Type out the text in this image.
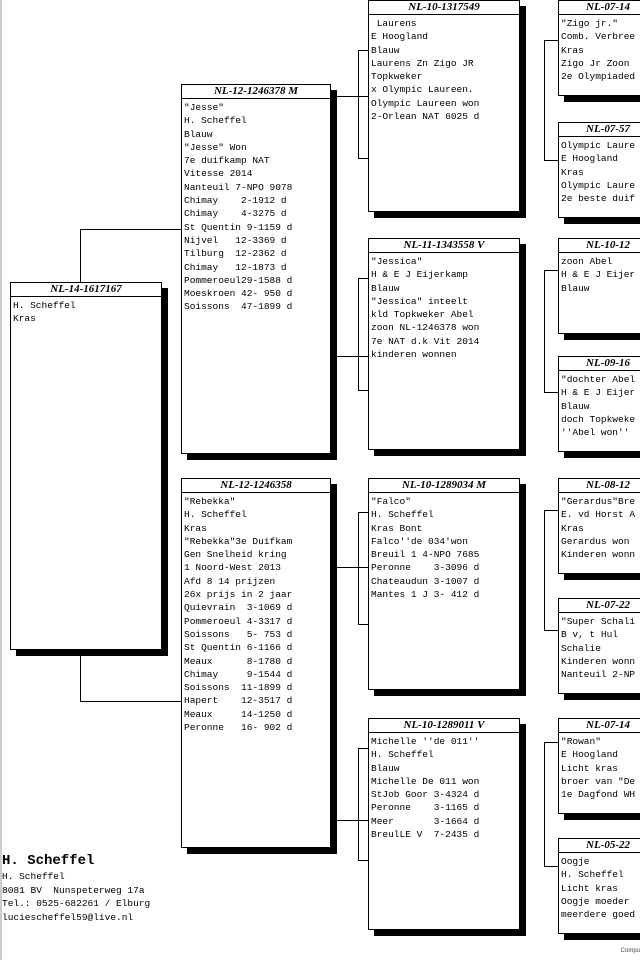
NL-14-1617167
H. Scheffel
Kras
NL-12-1246378 M
"Jesse"
H. Scheffel
Blauw
"Jesse" Won
7e duifkamp NAT
Vitesse 2014
Nanteuil 7-NPO 9078
Chimay    2-1912 d
Chimay    4-3275 d
St Quentin 9-1159 d
Nijvel   12-3369 d
Tilburg  12-2362 d
Chimay   12-1873 d
Pommeroeul29-1588 d
Moeskroen 42- 950 d
Soissons  47-1899 d
NL-12-1246358
"Rebekka"
H. Scheffel
Kras
"Rebekka"3e Duifkam
Gen Snelheid kring
1 Noord-West 2013
Afd 8 14 prijzen
26x prijs in 2 jaar
Quievrain  3-1069 d
Pommeroeul 4-3317 d
Soissons   5- 753 d
St Quentin 6-1166 d
Meaux      8-1780 d
Chimay     9-1544 d
Soissons  11-1899 d
Hapert    12-3517 d
Meaux     14-1250 d
Peronne   16- 902 d
NL-10-1317549
Laurens
E Hoogland
Blauw
Laurens Zn Zigo JR
Topkweker
x Olympic Laureen.
Olympic Laureen won
2-Orlean NAT 6025 d
NL-11-1343558 V
"Jessica"
H & E J Eijerkamp
Blauw
"Jessica" inteelt
kld Topkweker Abel
zoon NL-1246378 won
7e NAT d.k Vit 2014
kinderen wonnen
NL-10-1289034 M
"Falco"
H. Scheffel
Kras Bont
Falco''de 034'won
Breuil 1 4-NPO 7685
Peronne    3-3096 d
Chateaudun 3-1007 d
Mantes 1 J 3- 412 d
NL-10-1289011 V
Michelle ''de 011''
H. Scheffel
Blauw
Michelle De 011 won
StJob Goor 3-4324 d
Peronne    3-1165 d
Meer       3-1664 d
BreulLE V  7-2435 d
NL-07-14
"Zigo jr."
Comb. Verbree
Kras
Zigo Jr Zoon
2e Olympiaded
NL-07-57
Olympic Laure
E Hoogland
Kras
Olympic Laure
2e beste duif
NL-10-12
zoon Abel
H & E J Eijer
Blauw
NL-09-16
"dochter Abel
H & E J Eijer
Blauw
doch Topkweke
''Abel won''
NL-08-12
"Gerardus"Bre
E. vd Horst A
Kras
Gerardus won
Kinderen wonn
NL-07-22
"Super Schali
B v, t Hul
Schalie
Kinderen wonn
Nanteuil 2-NP
NL-07-14
"Rowan"
E Hoogland
Licht kras
broer van "De
1e Dagfond WH
NL-05-22
Oogje
H. Scheffel
Licht kras
Oogje moeder
meerdere goed
H. Scheffel
H. Scheffel
8081 BV  Nunspeterweg 17a
Tel.: 0525-682261 / Elburg
luciescheffel59@live.nl
Compu
